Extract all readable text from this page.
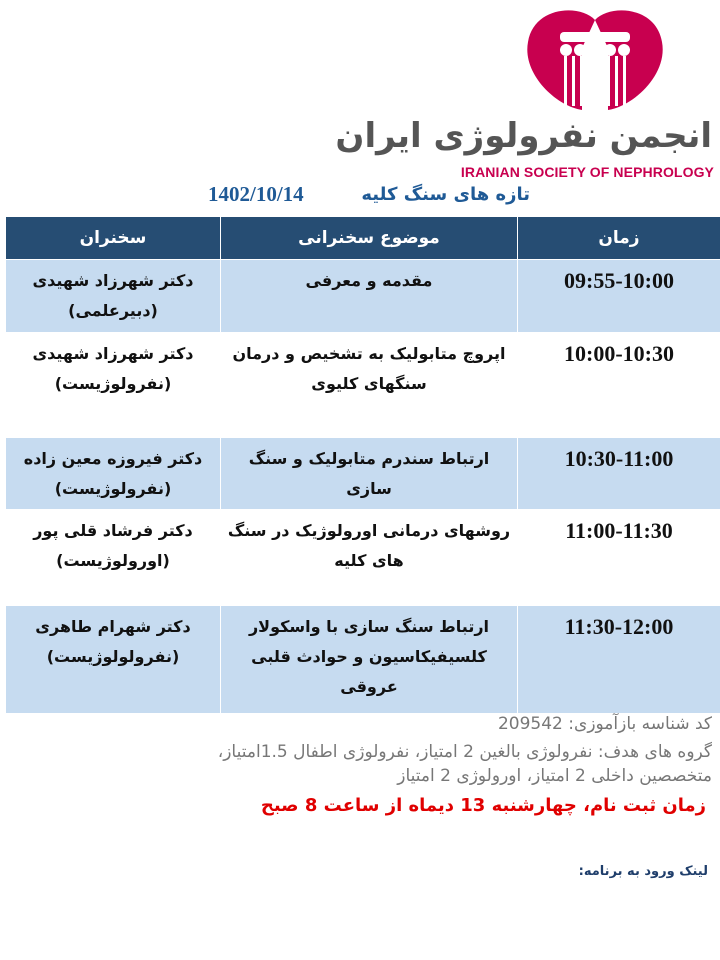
انجمن نفرولوژی ایران
IRANIAN SOCIETY OF NEPHROLOGY
تازه های سنگ کلیه
1402/10/14
سخنران	موضوع سخنرانی	زمان
دکتر شهرزاد شهیدی (دبیرعلمی)	مقدمه و معرفی	09:55-10:00
دکتر شهرزاد شهیدی (نفرولوژیست)	اپروچ متابولیک به تشخیص و درمان سنگهای کلیوی	10:00-10:30
دکتر فیروزه معین زاده (نفرولوژیست)	ارتباط سندرم متابولیک و سنگ سازی	10:30-11:00
دکتر فرشاد قلی پور (اورولوژیست)	روشهای درمانی اورولوژیک در سنگ های کلیه	11:00-11:30
دکتر شهرام طاهری (نفرولولوژیست)	ارتباط سنگ سازی با واسکولار کلسیفیکاسیون و حوادث قلبی عروقی	11:30-12:00
کد شناسه بازآموزی: 209542
گروه های هدف: نفرولوژی بالغین 2 امتیاز، نفرولوژی اطفال 1.5امتیاز،
متخصصین داخلی 2 امتیاز، اورولوژی 2 امتیاز
زمان ثبت نام، چهارشنبه 13 دیماه از ساعت 8 صبح
لینک ورود به برنامه:
